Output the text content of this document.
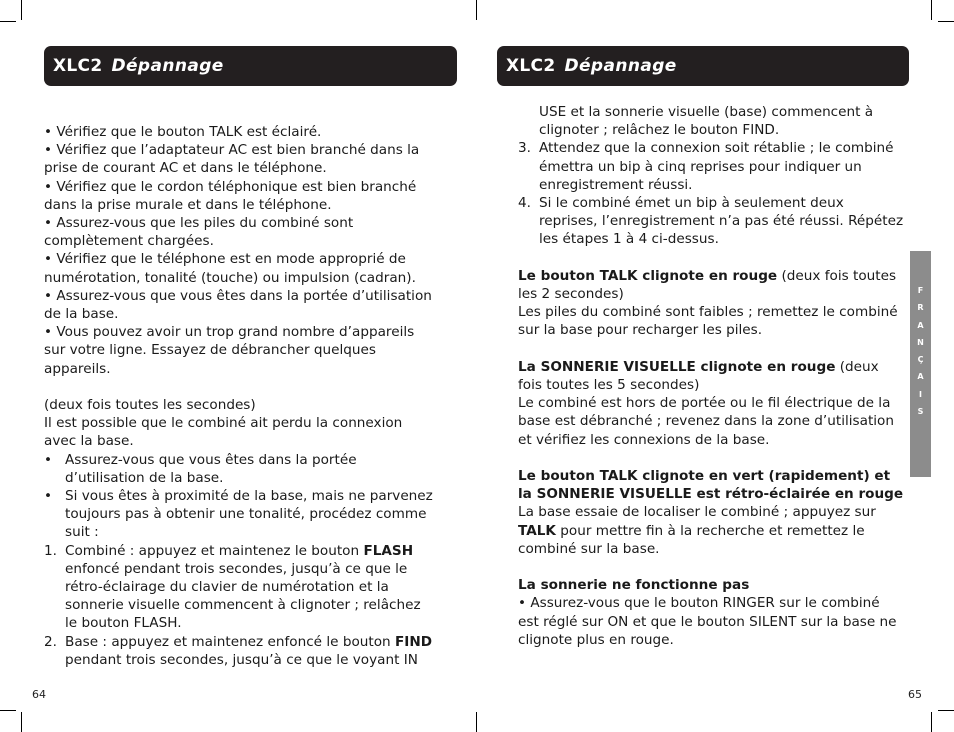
XLC2 Dépannage	XLC2 Dépannage

• Vérifiez que le bouton TALK est éclairé.

• Vérifiez que l’adaptateur AC est bien branché dans la prise de courant AC et dans le téléphone.

• Vérifiez que le cordon téléphonique est bien branché dans la prise murale et dans le téléphone.

• Assurez-vous que les piles du combiné sont complètement chargées.

• Vérifiez que le téléphone est en mode approprié de numérotation, tonalité (touche) ou impulsion (cadran).

• Assurez-vous que vous êtes dans la portée d’utilisation de la base.

• Vous pouvez avoir un trop grand nombre d’appareils sur votre ligne. Essayez de débrancher quelques appareils.

(deux fois toutes les secondes)

Il est possible que le combiné ait perdu la connexion avec la base.

• Assurez-vous que vous êtes dans la portée d’utilisation de la base.
• Si vous êtes à proximité de la base, mais ne parvenez toujours pas à obtenir une tonalité, procédez comme suit :
1. Combiné : appuyez et maintenez le bouton FLASH enfoncé pendant trois secondes, jusqu’à ce que le rétro-éclairage du clavier de numérotation et la sonnerie visuelle commencent à clignoter ; relâchez le bouton FLASH.
2. Base : appuyez et maintenez enfoncé le bouton FIND pendant trois secondes, jusqu’à ce que le voyant IN
USE et la sonnerie visuelle (base) commencent à clignoter ; relâchez le bouton FIND.
3. Attendez que la connexion soit rétablie ; le combiné émettra un bip à cinq reprises pour indiquer un enregistrement réussi.
4. Si le combiné émet un bip à seulement deux reprises, l’enregistrement n’a pas été réussi. Répétez les étapes 1 à 4 ci-dessus.

Le bouton TALK clignote en rouge (deux fois toutes les 2 secondes)

Les piles du combiné sont faibles ; remettez le combiné sur la base pour recharger les piles.

La SONNERIE VISUELLE clignote en rouge (deux fois toutes les 5 secondes)

Le combiné est hors de portée ou le fil électrique de la base est débranché ; revenez dans la zone d’utilisation et vérifiez les connexions de la base.

Le bouton TALK clignote en vert (rapidement) et la SONNERIE VISUELLE est rétro-éclairée en rouge

La base essaie de localiser le combiné ; appuyez sur TALK pour mettre fin à la recherche et remettez le combiné sur la base.

La sonnerie ne fonctionne pas

• Assurez-vous que le bouton RINGER sur le combiné est réglé sur ON et que le bouton SILENT sur la base ne clignote plus en rouge.

F
R
A
N
Ç
A
I
S
64	65
